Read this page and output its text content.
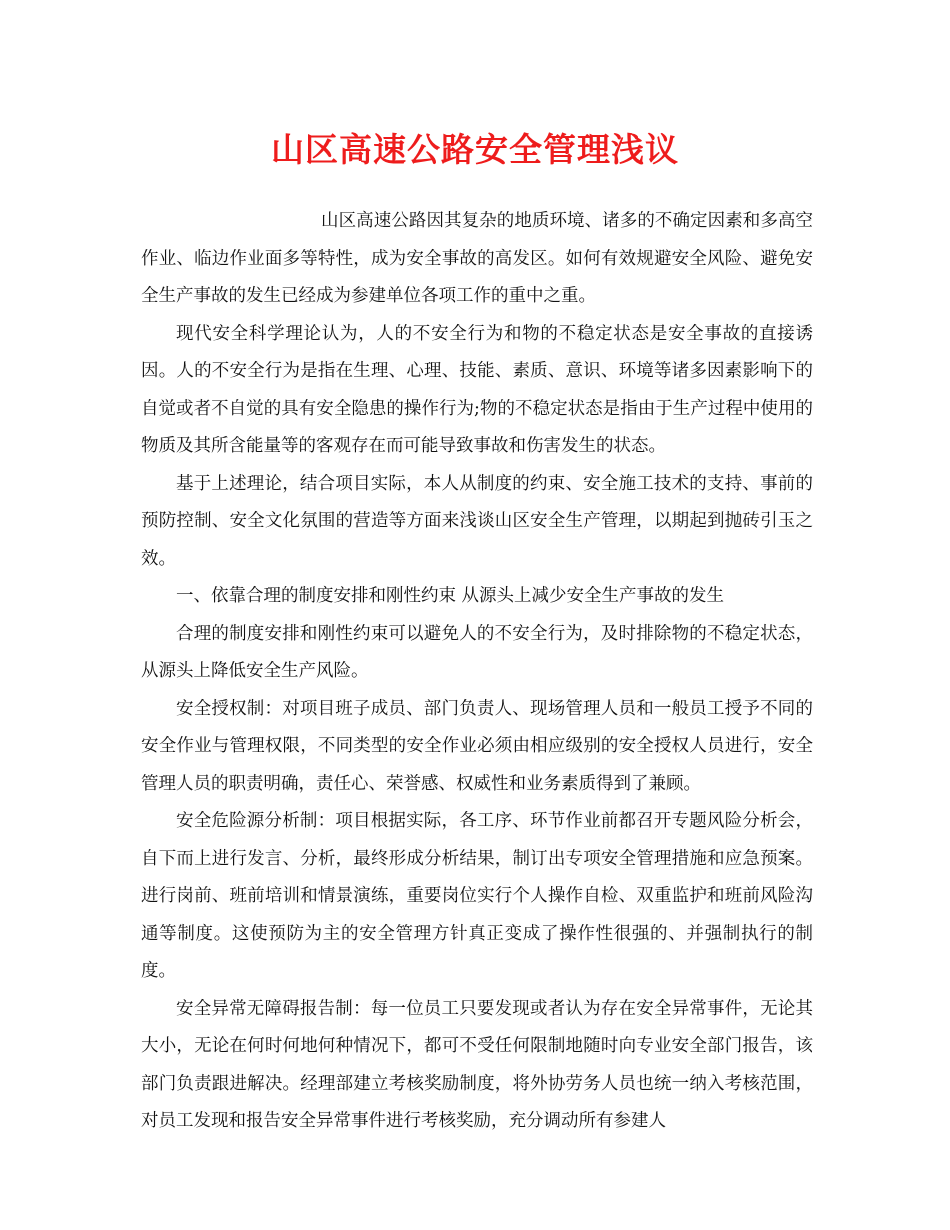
山区高速公路安全管理浅议

山区高速公路因其复杂的地质环境、诸多的不确定因素和多高空作业、临边作业面多等特性，成为安全事故的高发区。如何有效规避安全风险、避免安全生产事故的发生已经成为参建单位各项工作的重中之重。

现代安全科学理论认为，人的不安全行为和物的不稳定状态是安全事故的直接诱因。人的不安全行为是指在生理、心理、技能、素质、意识、环境等诸多因素影响下的自觉或者不自觉的具有安全隐患的操作行为;物的不稳定状态是指由于生产过程中使用的物质及其所含能量等的客观存在而可能导致事故和伤害发生的状态。

基于上述理论，结合项目实际，本人从制度的约束、安全施工技术的支持、事前的预防控制、安全文化氛围的营造等方面来浅谈山区安全生产管理，以期起到抛砖引玉之效。

一、依靠合理的制度安排和刚性约束 从源头上减少安全生产事故的发生

合理的制度安排和刚性约束可以避免人的不安全行为，及时排除物的不稳定状态，从源头上降低安全生产风险。

安全授权制：对项目班子成员、部门负责人、现场管理人员和一般员工授予不同的安全作业与管理权限，不同类型的安全作业必须由相应级别的安全授权人员进行，安全管理人员的职责明确，责任心、荣誉感、权威性和业务素质得到了兼顾。

安全危险源分析制：项目根据实际，各工序、环节作业前都召开专题风险分析会，自下而上进行发言、分析，最终形成分析结果，制订出专项安全管理措施和应急预案。进行岗前、班前培训和情景演练，重要岗位实行个人操作自检、双重监护和班前风险沟通等制度。这使预防为主的安全管理方针真正变成了操作性很强的、并强制执行的制度。

安全异常无障碍报告制：每一位员工只要发现或者认为存在安全异常事件，无论其大小，无论在何时何地何种情况下，都可不受任何限制地随时向专业安全部门报告，该部门负责跟进解决。经理部建立考核奖励制度，将外协劳务人员也统一纳入考核范围，对员工发现和报告安全异常事件进行考核奖励，充分调动所有参建人
